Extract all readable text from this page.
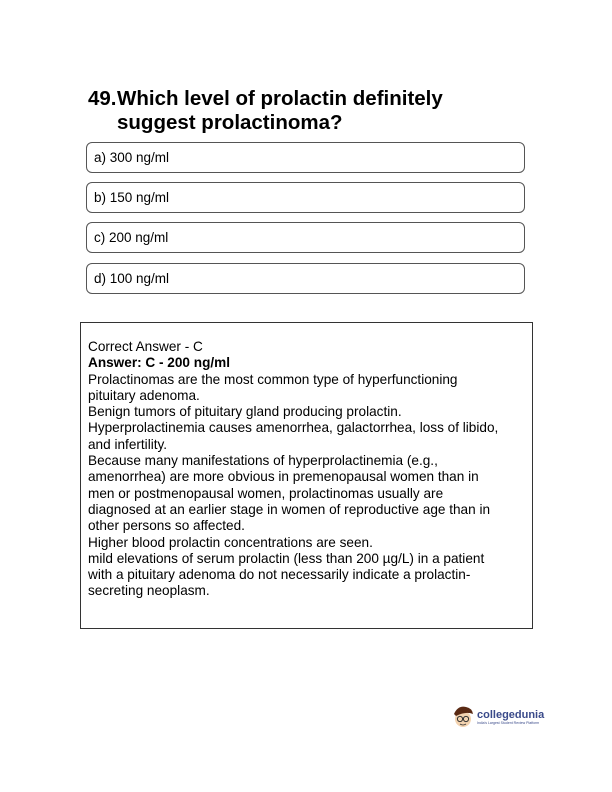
49. Which level of prolactin definitely suggest prolactinoma?
a) 300 ng/ml
b) 150 ng/ml
c) 200 ng/ml
d) 100 ng/ml
Correct Answer - C
Answer: C - 200 ng/ml
Prolactinomas are the most common type of hyperfunctioning
pituitary adenoma.
Benign tumors of pituitary gland producing prolactin.
Hyperprolactinemia causes amenorrhea, galactorrhea, loss of libido,
and infertility.
Because many manifestations of hyperprolactinemia (e.g.,
amenorrhea) are more obvious in premenopausal women than in
men or postmenopausal women, prolactinomas usually are
diagnosed at an earlier stage in women of reproductive age than in
other persons so affected.
Higher blood prolactin concentrations are seen.
mild elevations of serum prolactin (less than 200 µg/L) in a patient
with a pituitary adenoma do not necessarily indicate a prolactin-
secreting neoplasm.
collegedunia
India's Largest Student Review Platform
